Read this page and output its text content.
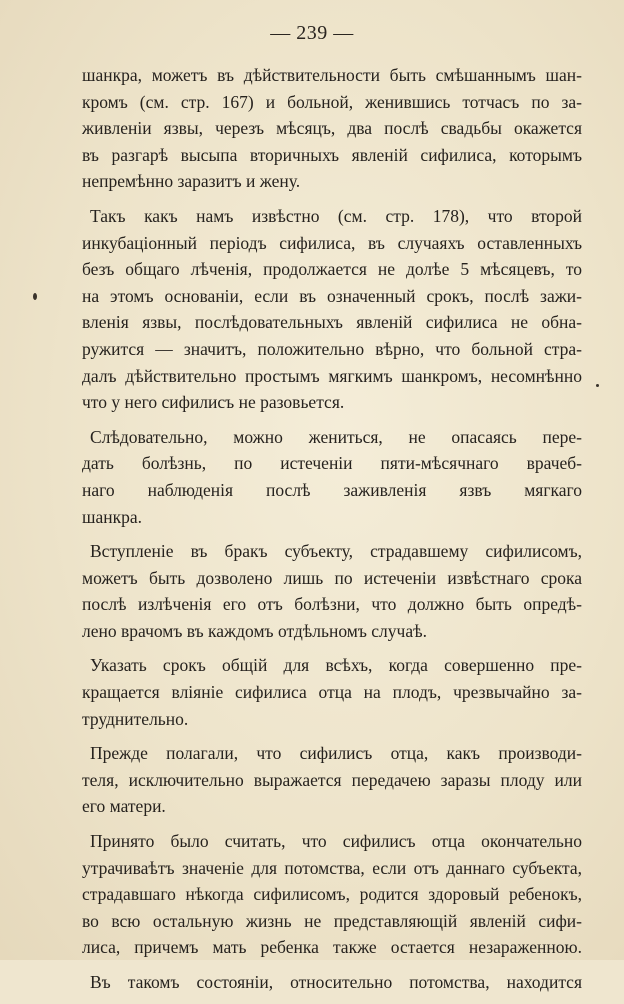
— 239 —
шанкра, можетъ въ дѣйствительности быть смѣшаннымъ шан-
кромъ (см. стр. 167) и больной, женившись тотчасъ по за-
живленіи язвы, черезъ мѣсяцъ, два послѣ свадьбы окажется
въ разгарѣ высыпа вторичныхъ явленій сифилиса, которымъ
непремѣнно заразитъ и жену.
Такъ какъ намъ извѣстно (см. стр. 178), что второй
инкубаціонный періодъ сифилиса, въ случаяхъ оставленныхъ
безъ общаго лѣченія, продолжается не долѣе 5 мѣсяцевъ, то
на этомъ основаніи, если въ означенный срокъ, послѣ зажи-
вленія язвы, послѣдовательныхъ явленій сифилиса не обна-
ружится — значитъ, положительно вѣрно, что больной стра-
далъ дѣйствительно простымъ мягкимъ шанкромъ, несомнѣнно
что у него сифилисъ не разовьется.
Слѣдовательно, можно жениться, не опасаясь пере-
дать болѣзнь, по истеченіи пяти-мѣсячнаго врачеб-
наго наблюденія послѣ заживленія язвъ мягкаго
шанкра.
Вступленіе въ бракъ субъекту, страдавшему сифилисомъ,
можетъ быть дозволено лишь по истеченіи извѣстнаго срока
послѣ излѣченія его отъ болѣзни, что должно быть опредѣ-
лено врачомъ въ каждомъ отдѣльномъ случаѣ.
Указать срокъ общій для всѣхъ, когда совершенно пре-
кращается вліяніе сифилиса отца на плодъ, чрезвычайно за-
труднительно.
Прежде полагали, что сифилисъ отца, какъ производи-
теля, исключительно выражается передачею заразы плоду или
его матери.
Принято было считать, что сифилисъ отца окончательно
утрачиваѣтъ значеніе для потомства, если отъ даннаго субъекта,
страдавшаго нѣкогда сифилисомъ, родится здоровый ребенокъ,
во всю остальную жизнь не представляющій явленій сифи-
лиса, причемъ мать ребенка также остается незараженною.
Въ такомъ состояніи, относительно потомства, находится
